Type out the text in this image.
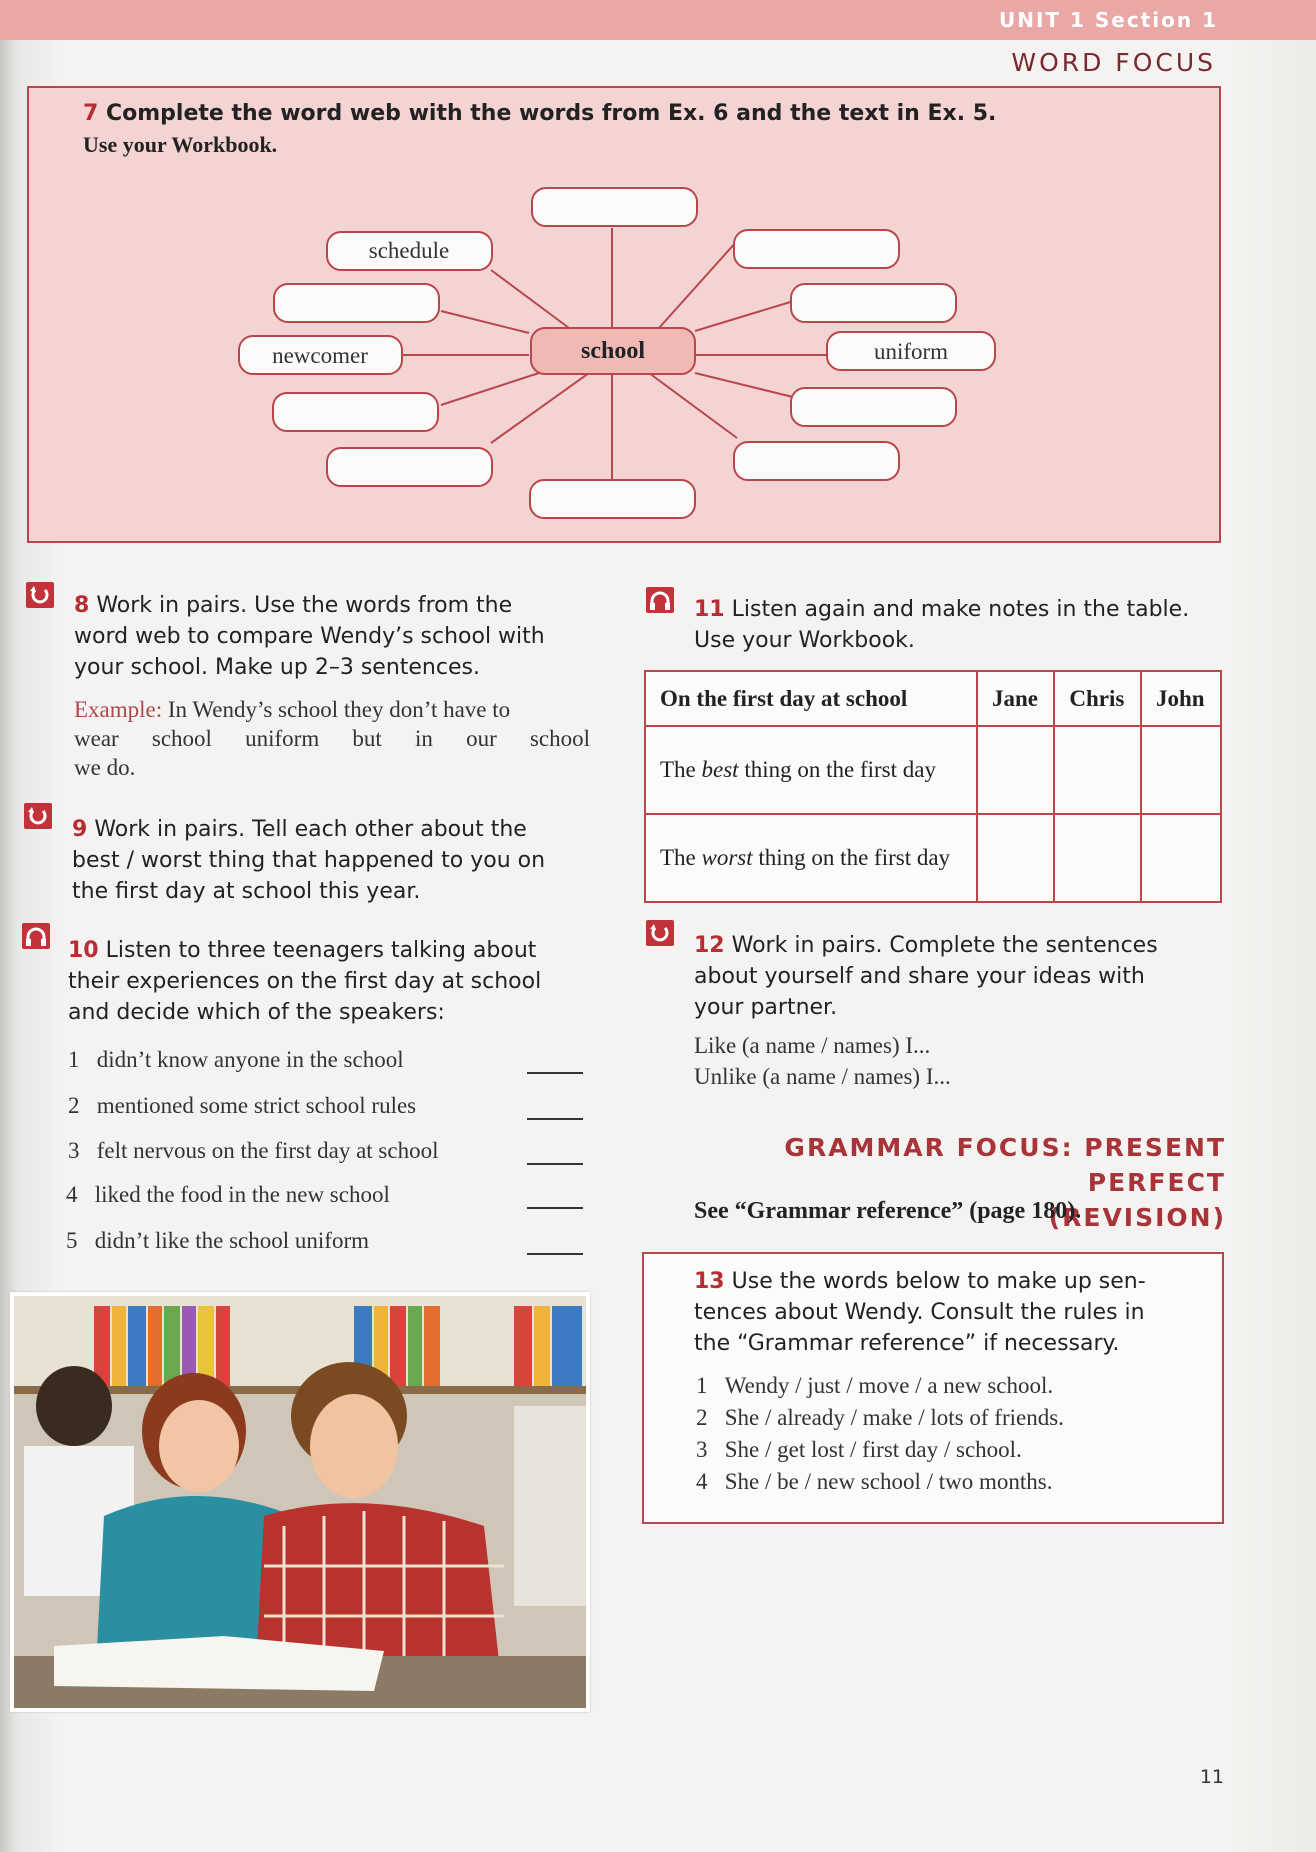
UNIT 1 Section 1
WORD FOCUS
7 Complete the word web with the words from Ex. 6 and the text in Ex. 5.
Use your Workbook.
school
schedule
newcomer	uniform
8 Work in pairs. Use the words from the
word web to compare Wendy’s school with
your school. Make up 2–3 sentences.
Example: In Wendy’s school they don’t have to
wear school uniform but in our school
we do.
9 Work in pairs. Tell each other about the
best / worst thing that happened to you on
the first day at school this year.
10 Listen to three teenagers talking about
their experiences on the first day at school
and decide which of the speakers:
1 didn’t know anyone in the school
2 mentioned some strict school rules
3 felt nervous on the first day at school
4 liked the food in the new school
5 didn’t like the school uniform
11 Listen again and make notes in the table.
Use your Workbook.
On the first day at school	Jane	Chris	John
The best thing on the first day			
The worst thing on the first day			
12 Work in pairs. Complete the sentences
about yourself and share your ideas with
your partner.
Like (a name / names) I...
Unlike (a name / names) I...
GRAMMAR FOCUS: PRESENT PERFECT
(REVISION)
See “Grammar reference” (page 180).
13 Use the words below to make up sen-
tences about Wendy. Consult the rules in
the “Grammar reference” if necessary.
1 Wendy / just / move / a new school.
2 She / already / make / lots of friends.
3 She / get lost / first day / school.
4 She / be / new school / two months.
11
